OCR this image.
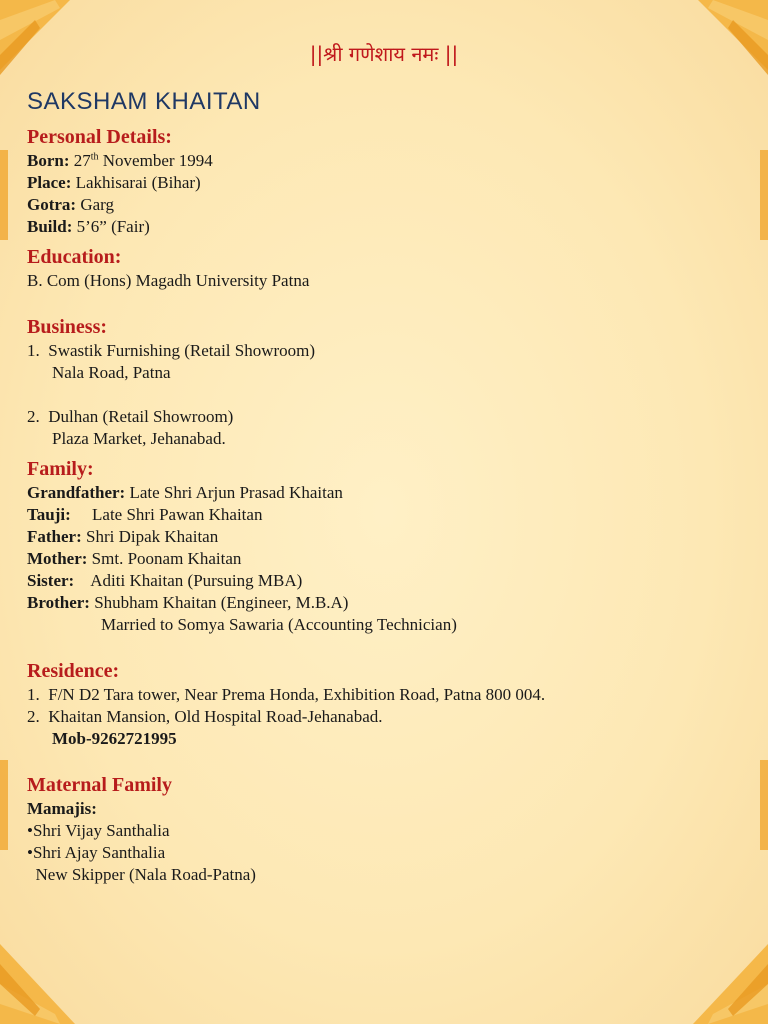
||श्री गणेशाय नमः ||
SAKSHAM KHAITAN
Personal Details:
Born: 27th November 1994
Place: Lakhisarai (Bihar)
Gotra: Garg
Build: 5’6” (Fair)
Education:
B. Com (Hons) Magadh University Patna
Business:
1.  Swastik Furnishing (Retail Showroom)
Nala Road, Patna
2.  Dulhan (Retail Showroom)
Plaza Market, Jehanabad.
Family:
Grandfather: Late Shri Arjun Prasad Khaitan
Tauji:     Late Shri Pawan Khaitan
Father: Shri Dipak Khaitan
Mother: Smt. Poonam Khaitan
Sister:    Aditi Khaitan (Pursuing MBA)
Brother: Shubham Khaitan (Engineer, M.B.A)
Married to Somya Sawaria (Accounting Technician)
Residence:
1.  F/N D2 Tara tower, Near Prema Honda, Exhibition Road, Patna 800 004.
2.  Khaitan Mansion, Old Hospital Road-Jehanabad.
Mob-9262721995
Maternal Family
Mamajis:
•Shri Vijay Santhalia
•Shri Ajay Santhalia
New Skipper (Nala Road-Patna)
